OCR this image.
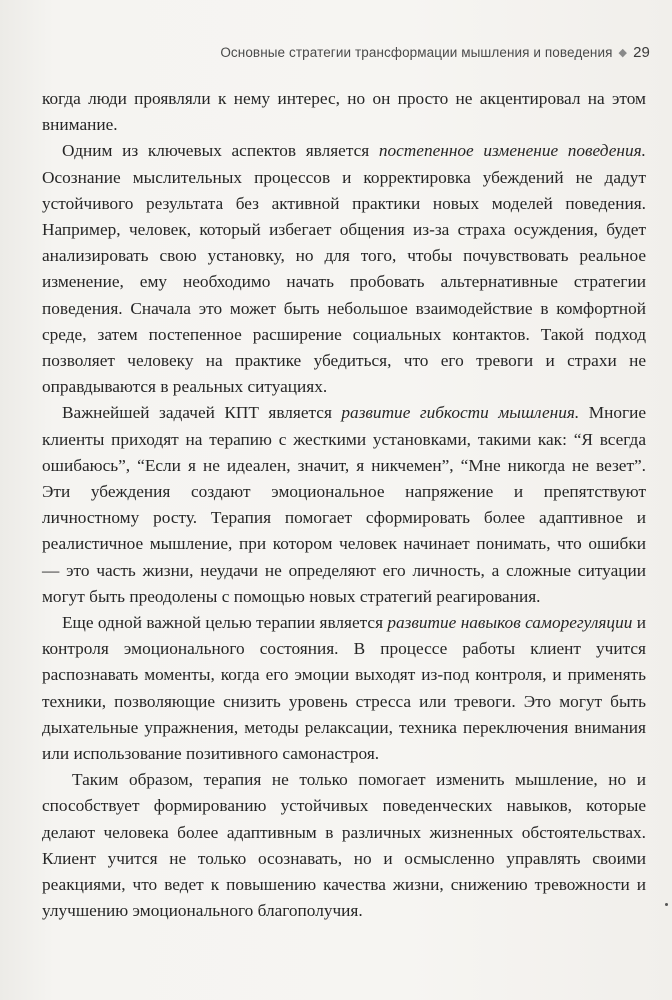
Основные стратегии трансформации мышления и поведения ◆ 29

когда люди проявляли к нему интерес, но он просто не акцентировал на этом внимание.

Одним из ключевых аспектов является постепенное изменение поведения. Осознание мыслительных процессов и корректировка убеждений не дадут устойчивого результата без активной практики новых моделей поведения. Например, человек, который избегает общения из-за страха осуждения, будет анализировать свою установку, но для того, чтобы почувствовать реальное изменение, ему необходимо начать пробовать альтернативные стратегии поведения. Сначала это может быть небольшое взаимодействие в комфортной среде, затем постепенное расширение социальных контактов. Такой подход позволяет человеку на практике убедиться, что его тревоги и страхи не оправдываются в реальных ситуациях.

Важнейшей задачей КПТ является развитие гибкости мышления. Многие клиенты приходят на терапию с жесткими установками, такими как: “Я всегда ошибаюсь”, “Если я не идеален, значит, я никчемен”, “Мне никогда не везет”. Эти убеждения создают эмоциональное напряжение и препятствуют личностному росту. Терапия помогает сформировать более адаптивное и реалистичное мышление, при котором человек начинает понимать, что ошибки — это часть жизни, неудачи не определяют его личность, а сложные ситуации могут быть преодолены с помощью новых стратегий реагирования.

Еще одной важной целью терапии является развитие навыков саморегуляции и контроля эмоционального состояния. В процессе работы клиент учится распознавать моменты, когда его эмоции выходят из-под контроля, и применять техники, позволяющие снизить уровень стресса или тревоги. Это могут быть дыхательные упражнения, методы релаксации, техника переключения внимания или использование позитивного самонастроя.

Таким образом, терапия не только помогает изменить мышление, но и способствует формированию устойчивых поведенческих навыков, которые делают человека более адаптивным в различных жизненных обстоятельствах. Клиент учится не только осознавать, но и осмысленно управлять своими реакциями, что ведет к повышению качества жизни, снижению тревожности и улучшению эмоционального благополучия.
